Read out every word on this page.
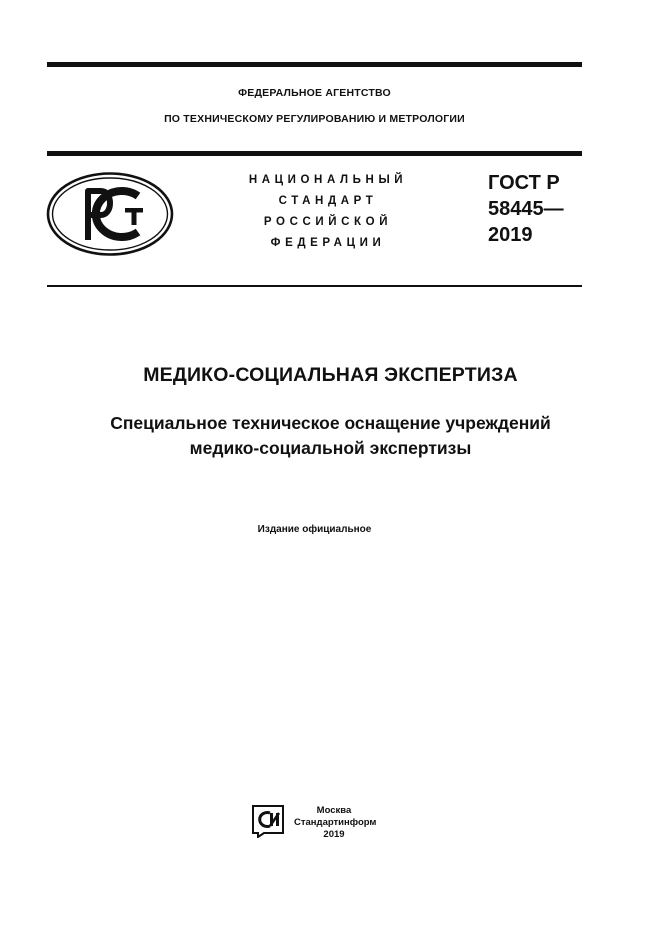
ФЕДЕРАЛЬНОЕ АГЕНТСТВО
ПО ТЕХНИЧЕСКОМУ РЕГУЛИРОВАНИЮ И МЕТРОЛОГИИ
НАЦИОНАЛЬНЫЙ
СТАНДАРТ
РОССИЙСКОЙ
ФЕДЕРАЦИИ
ГОСТ Р
58445—
2019
МЕДИКО-СОЦИАЛЬНАЯ ЭКСПЕРТИЗА
Специальное техническое оснащение учреждений
медико-социальной экспертизы
Издание официальное
Москва
Стандартинформ
2019
